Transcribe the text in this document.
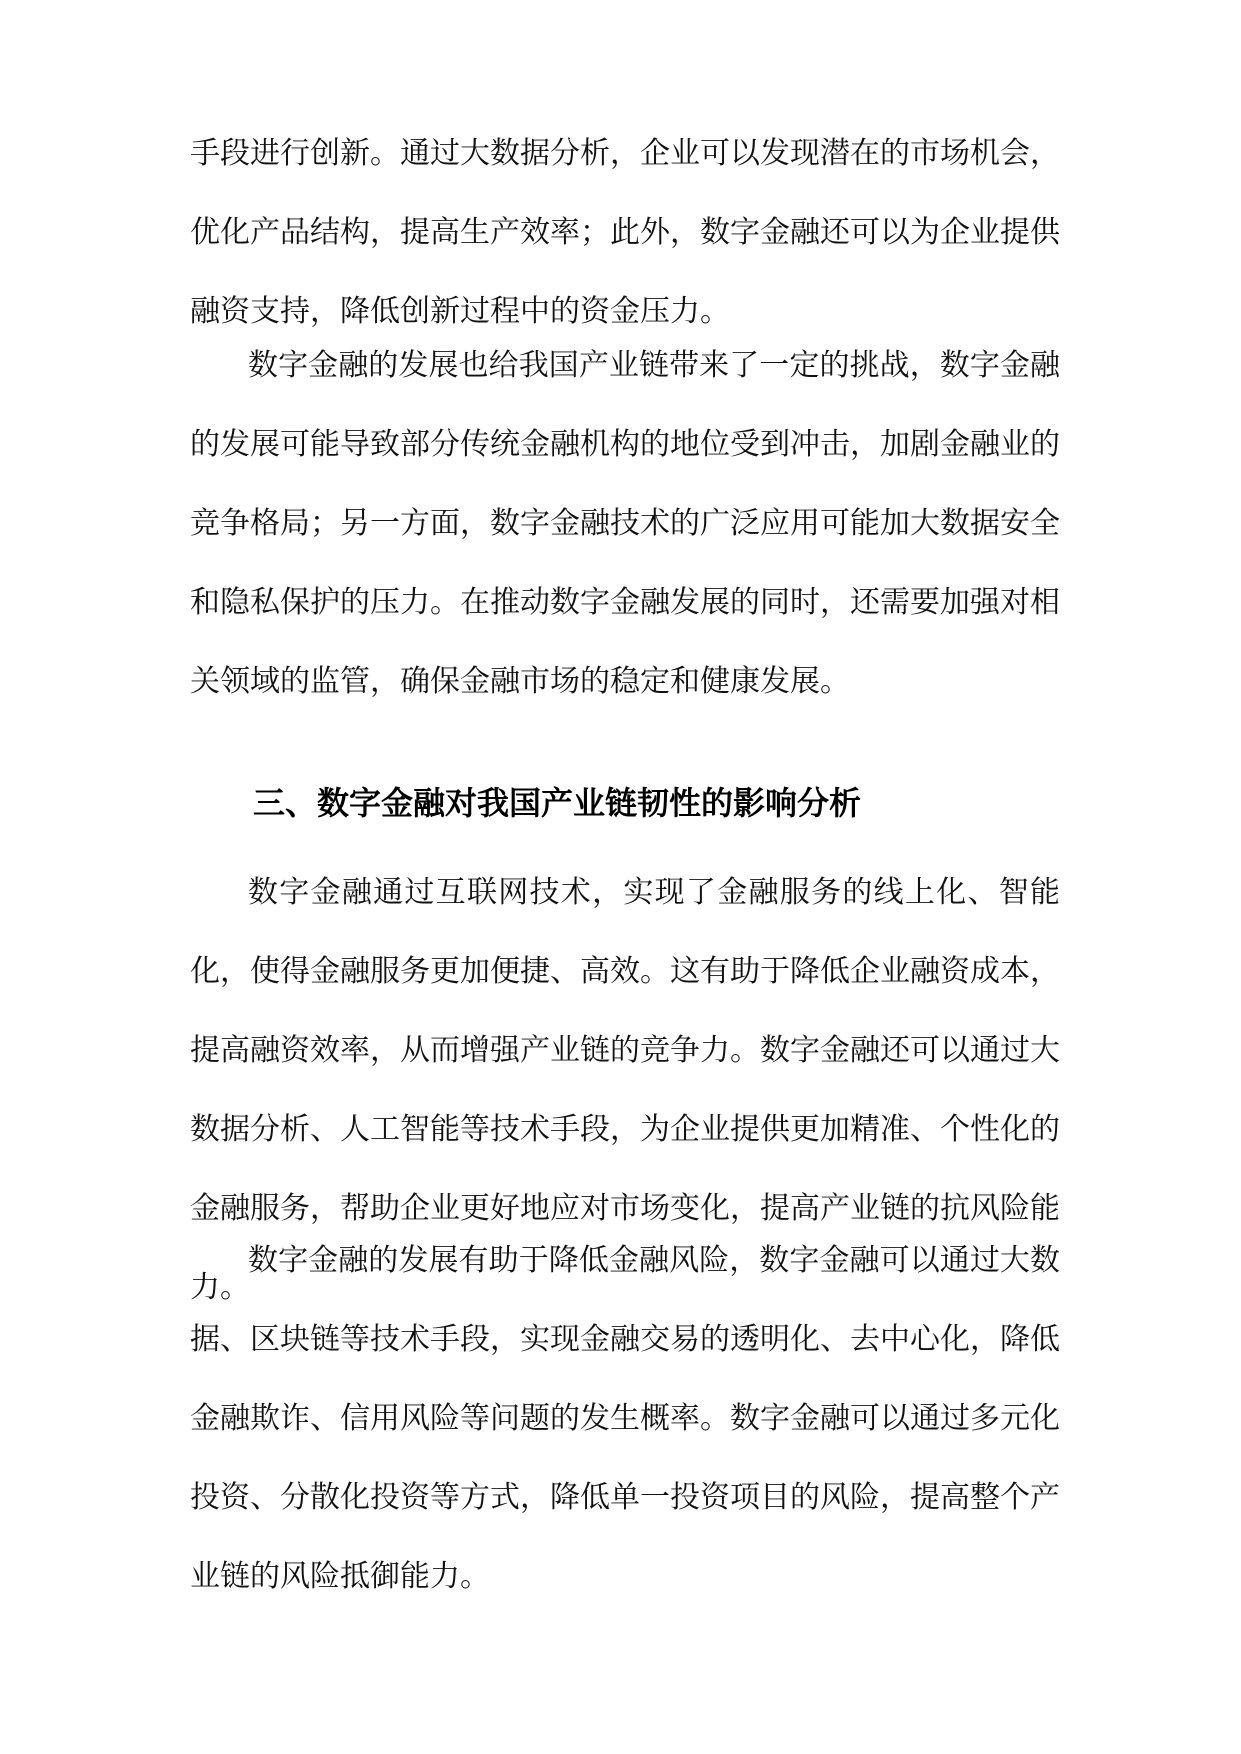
手段进行创新。通过大数据分析，企业可以发现潜在的市场机会，优化产品结构，提高生产效率；此外，数字金融还可以为企业提供融资支持，降低创新过程中的资金压力。

数字金融的发展也给我国产业链带来了一定的挑战，数字金融的发展可能导致部分传统金融机构的地位受到冲击，加剧金融业的竞争格局；另一方面，数字金融技术的广泛应用可能加大数据安全和隐私保护的压力。在推动数字金融发展的同时，还需要加强对相关领域的监管，确保金融市场的稳定和健康发展。

三、数字金融对我国产业链韧性的影响分析

数字金融通过互联网技术，实现了金融服务的线上化、智能化，使得金融服务更加便捷、高效。这有助于降低企业融资成本，提高融资效率，从而增强产业链的竞争力。数字金融还可以通过大数据分析、人工智能等技术手段，为企业提供更加精准、个性化的金融服务，帮助企业更好地应对市场变化，提高产业链的抗风险能力。

数字金融的发展有助于降低金融风险，数字金融可以通过大数据、区块链等技术手段，实现金融交易的透明化、去中心化，降低金融欺诈、信用风险等问题的发生概率。数字金融可以通过多元化投资、分散化投资等方式，降低单一投资项目的风险，提高整个产业链的风险抵御能力。
